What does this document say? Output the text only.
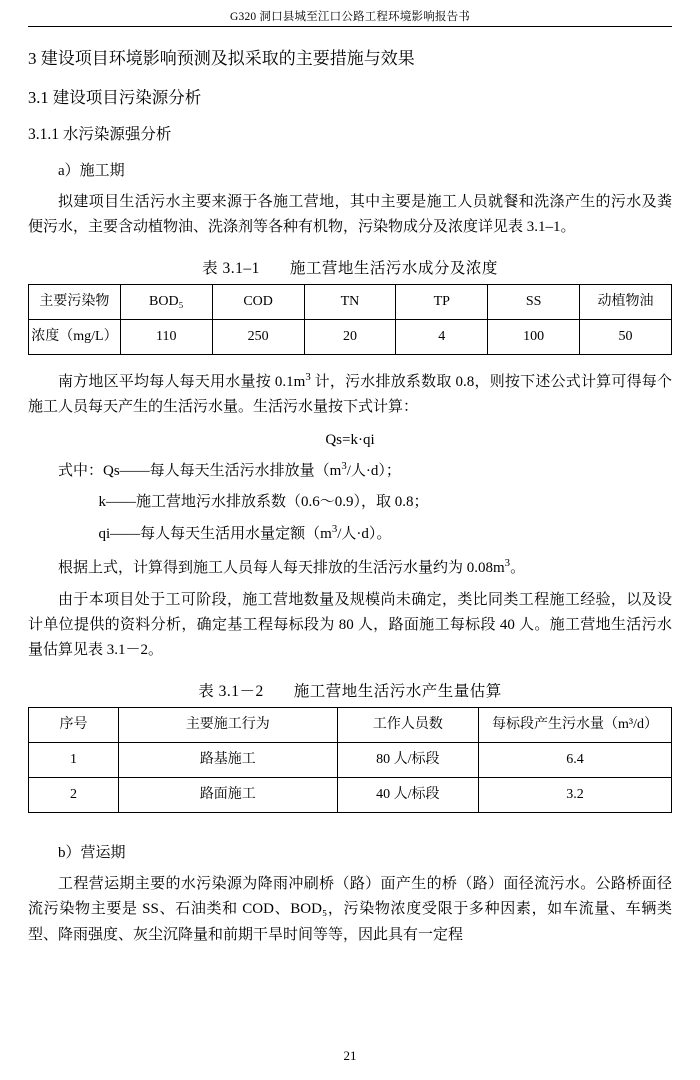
G320 洞口县城至江口公路工程环境影响报告书
3 建设项目环境影响预测及拟采取的主要措施与效果
3.1 建设项目污染源分析
3.1.1 水污染源强分析
a）施工期

拟建项目生活污水主要来源于各施工营地，其中主要是施工人员就餐和洗涤产生的污水及粪便污水，主要含动植物油、洗涤剂等各种有机物，污染物成分及浓度详见表 3.1–1。

表 3.1–1 施工营地生活污水成分及浓度
主要污染物	BOD₅	COD	TN	TP	SS	动植物油
浓度（mg/L）	110	250	20	4	100	50

南方地区平均每人每天用水量按 $0.1m^3$ 计，污水排放系数取 0.8，则按下述公式计算可得每个施工人员每天产生的生活污水量。生活污水量按下式计算：

Qs=k·qi

式中：Qs——每人每天生活污水排放量（$m^3/$人·d）；

k——施工营地污水排放系数（0.6～0.9），取 0.8；

qi——每人每天生活用水量定额（$m^3/$人·d）。

根据上式，计算得到施工人员每人每天排放的生活污水量约为 $0.08m^3$。

由于本项目处于工可阶段，施工营地数量及规模尚未确定，类比同类工程施工经验，以及设计单位提供的资料分析，确定基工程每标段为 80 人，路面施工每标段 40 人。施工营地生活污水量估算见表 3.1－2。

表 3.1－2 施工营地生活污水产生量估算
序号	主要施工行为	工作人员数	每标段产生污水量（m³/d）
1	路基施工	80 人/标段	6.4
2	路面施工	40 人/标段	3.2
b）营运期

工程营运期主要的水污染源为降雨冲刷桥（路）面产生的桥（路）面径流污水。公路桥面径流污染物主要是 SS、石油类和 COD、BOD₅，污染物浓度受限于多种因素，如车流量、车辆类型、降雨强度、灰尘沉降量和前期干旱时间等等，因此具有一定程

21
